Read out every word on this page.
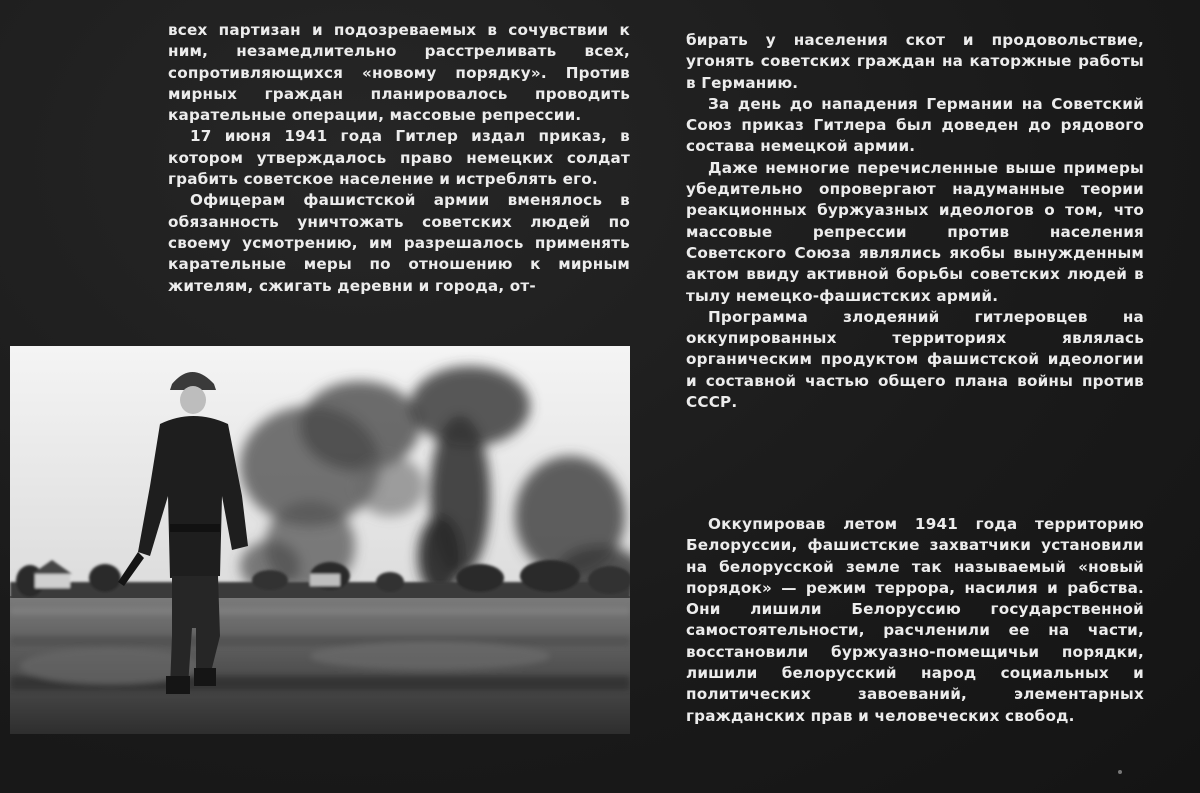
всех партизан и подозреваемых в сочувствии к ним, незамедлительно расстреливать всех, сопротивляющихся «новому порядку». Против мирных граждан планировалось проводить карательные операции, массовые репрессии.

17 июня 1941 года Гитлер издал приказ, в котором утверждалось право немецких солдат грабить советское население и истреблять его.

Офицерам фашистской армии вменялось в обязанность уничтожать советских людей по своему усмотрению, им разрешалось применять карательные меры по отношению к мирным жителям, сжигать деревни и города, от-

бирать у населения скот и продовольствие, угонять советских граждан на каторжные работы в Германию.

За день до нападения Германии на Советский Союз приказ Гитлера был доведен до рядового состава немецкой армии.

Даже немногие перечисленные выше примеры убедительно опровергают надуманные теории реакционных буржуазных идеологов о том, что массовые репрессии против населения Советского Союза являлись якобы вынужденным актом ввиду активной борьбы советских людей в тылу немецко-фашистских армий.

Программа злодеяний гитлеровцев на оккупированных территориях являлась органическим продуктом фашистской идеологии и составной частью общего плана войны против СССР.

Оккупировав летом 1941 года территорию Белоруссии, фашистские захватчики установили на белорусской земле так называемый «новый порядок» — режим террора, насилия и рабства. Они лишили Белоруссию государственной самостоятельности, расчленили ее на части, восстановили буржуазно-помещичьи порядки, лишили белорусский народ социальных и политических завоеваний, элементарных гражданских прав и человеческих свобод.
